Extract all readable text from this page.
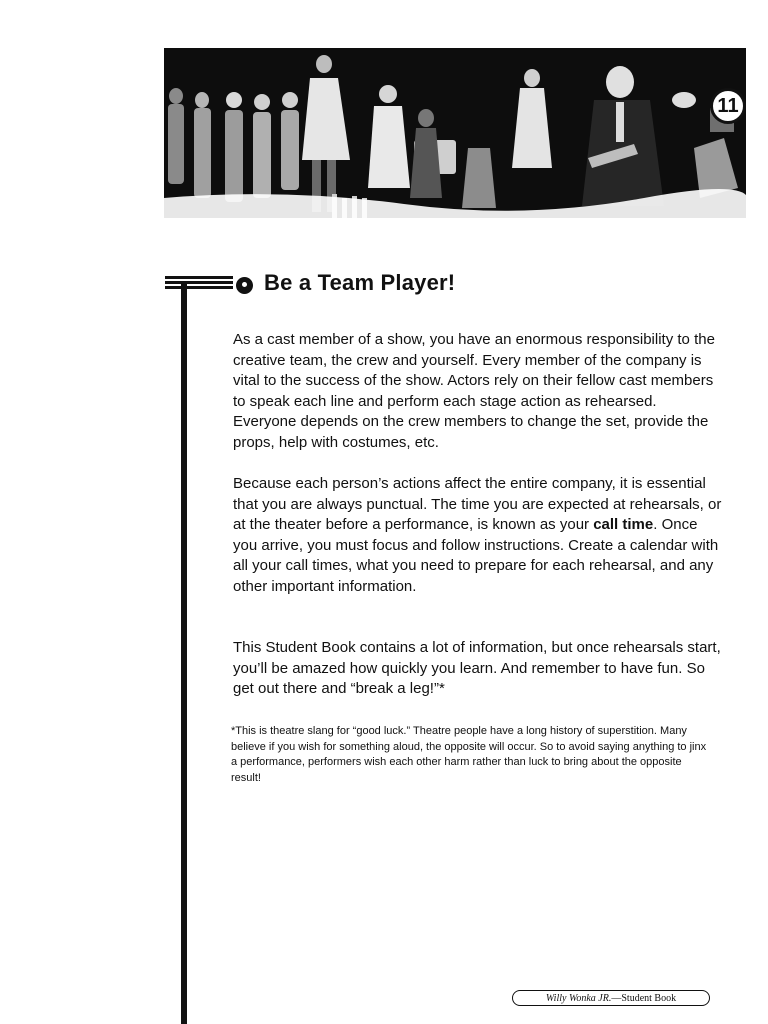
11
Be a Team Player!

As a cast member of a show, you have an enormous responsibility to the creative team, the crew and yourself. Every member of the company is vital to the success of the show. Actors rely on their fellow cast members to speak each line and perform each stage action as rehearsed. Everyone depends on the crew members to change the set, provide the props, help with costumes, etc.

Because each person’s actions affect the entire company, it is essential that you are always punctual. The time you are expected at rehearsals, or at the theater before a performance, is known as your call time. Once you arrive, you must focus and follow instructions. Create a calendar with all your call times, what you need to prepare for each rehearsal, and any other important information.

This Student Book contains a lot of information, but once rehearsals start, you’ll be amazed how quickly you learn. And remember to have fun. So get out there and “break a leg!”*

*This is theatre slang for “good luck.” Theatre people have a long history of superstition. Many believe if you wish for something aloud, the opposite will occur. So to avoid saying anything to jinx a performance, performers wish each other harm rather than luck to bring about the opposite result!

Willy Wonka JR. —Student Book
